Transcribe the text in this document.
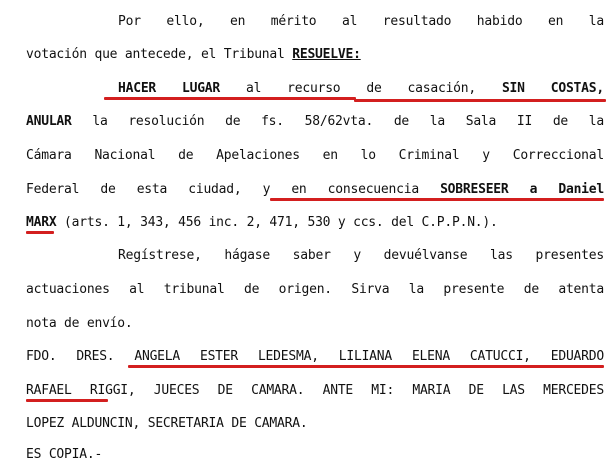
Por ello, en mérito al resultado habido en la
votación que antecede, el Tribunal RESUELVE:
HACER LUGAR al recurso de casación, SIN COSTAS,
ANULAR la resolución de fs. 58/62vta. de la Sala II de la
Cámara Nacional de Apelaciones en lo Criminal y Correccional
Federal de esta ciudad, y en consecuencia SOBRESEER a Daniel
MARX (arts. 1, 343, 456 inc. 2, 471, 530 y ccs. del C.P.P.N.).
Regístrese, hágase saber y devuélvanse las presentes
actuaciones al tribunal de origen. Sirva la presente de atenta
nota de envío.
FDO. DRES. ANGELA ESTER LEDESMA, LILIANA ELENA CATUCCI, EDUARDO
RAFAEL RIGGI, JUECES DE CAMARA. ANTE MI: MARIA DE LAS MERCEDES
LOPEZ ALDUNCIN, SECRETARIA DE CAMARA.
ES COPIA.-
